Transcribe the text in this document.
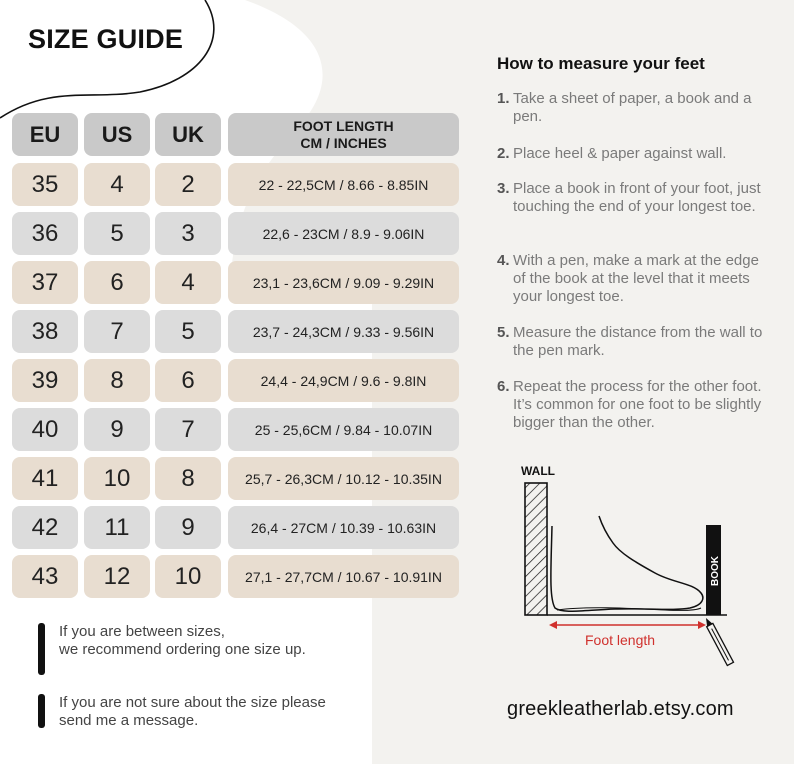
SIZE GUIDE
EU	US	UK	FOOT LENGTH
CM / INCHES
35	4	2	22 - 22,5CM / 8.66 - 8.85IN
36	5	3	22,6 - 23CM / 8.9 - 9.06IN
37	6	4	23,1 - 23,6CM / 9.09 - 9.29IN
38	7	5	23,7 - 24,3CM / 9.33 - 9.56IN
39	8	6	24,4 - 24,9CM / 9.6 - 9.8IN
40	9	7	25 - 25,6CM / 9.84 - 10.07IN
41	10	8	25,7 - 26,3CM / 10.12 - 10.35IN
42	11	9	26,4 - 27CM / 10.39 - 10.63IN
43	12	10	27,1 - 27,7CM / 10.67 - 10.91IN
If you are between sizes,
we recommend ordering one size up.
If you are not sure about the size please
send me a message.
How to measure your feet
1. Take a sheet of paper, a book and a pen.
2. Place heel & paper against wall.
3. Place a book in front of your foot, just touching the end of your longest toe.
4. With a pen, make a mark at the edge of the book at the level that it meets your longest toe.
5. Measure the distance from the wall to the pen mark.
6. Repeat the process for the other foot. It’s common for one foot to be slightly bigger than the other.
WALL
BOOK
Foot length
greekleatherlab.etsy.com
